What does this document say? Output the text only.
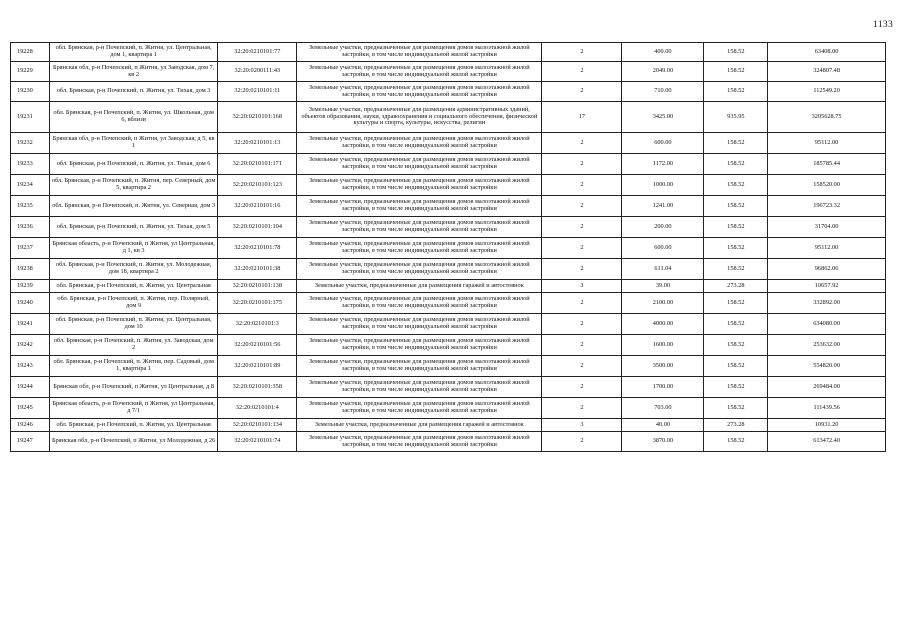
1133
19228	обл. Брянская, р-н Почепский, п. Житня, ул. Центральная, дом 1, квартира 1	32:20:0210101:77	Земельные участки, предназначенные для размещения домов малоэтажной жилой застройки, в том числе индивидуальной жилой застройки	2	400.00	158.52	63408.00
19229	Брянская обл, р-н Почепский, п Житня, ул Заводская, дом 7, кв 2	32:20:0200111:43	Земельные участки, предназначенные для размещения домов малоэтажной жилой застройки, в том числе индивидуальной жилой застройки	2	2049.00	158.52	324807.48
19230	обл. Брянская, р-н Почепский, п. Житня, ул. Тихая, дом 3	32:20:0210101:11	Земельные участки, предназначенные для размещения домов малоэтажной жилой застройки, в том числе индивидуальной жилой застройки	2	710.00	158.52	112549.20
19231	обл. Брянская, р-н Почепский, п. Житня, ул. Школьная, дом 6, вблизи	32:20:0210101:168	Земельные участки, предназначенные для размещения административных зданий, объектов образования, науки, здравоохранения и социального обеспечения, физической культуры и спорта, культуры, искусства, религии	17	3425.00	935.95	3205628.75
19232	Брянская обл, р-н Почепский, п Житня, ул Заводская, д 5, кв 1	32:20:0210101:13	Земельные участки, предназначенные для размещения домов малоэтажной жилой застройки, в том числе индивидуальной жилой застройки	2	600.00	158.52	95112.00
19233	обл. Брянская, р-н Почепский, п. Житня, ул. Тихая, дом 6	32:20:0210101:171	Земельные участки, предназначенные для размещения домов малоэтажной жилой застройки, в том числе индивидуальной жилой застройки	2	1172.00	158.52	185785.44
19234	обл. Брянская, р-н Почепский, п. Житня, пер. Северный, дом 5, квартира 2	32:20:0210101:123	Земельные участки, предназначенные для размещения домов малоэтажной жилой застройки, в том числе индивидуальной жилой застройки	2	1000.00	158.52	158520.00
19235	обл. Брянская, р-н Почепский, п. Житня, ул. Северная, дом 3	32:20:0210101:16	Земельные участки, предназначенные для размещения домов малоэтажной жилой застройки, в том числе индивидуальной жилой застройки	2	1241.00	158.52	196723.32
19236	обл. Брянская, р-н Почепский, п. Житня, ул. Тихая, дом 5	32:20:0210101:104	Земельные участки, предназначенные для размещения домов малоэтажной жилой застройки, в том числе индивидуальной жилой застройки	2	200.00	158.52	31704.00
19237	Брянская область, р-н Почепский, п Житня, ул Центральная, д 1, кв 3	32:20:0210101:78	Земельные участки, предназначенные для размещения домов малоэтажной жилой застройки, в том числе индивидуальной жилой застройки	2	600.00	158.52	95112.00
19238	обл. Брянская, р-н Почепский, п. Житня, ул. Молодежная, дом 18, квартира 2	32:20:0210101:38	Земельные участки, предназначенные для размещения домов малоэтажной жилой застройки, в том числе индивидуальной жилой застройки	2	611.04	158.52	96862.06
19239	обл. Брянская, р-н Почепский, п. Житня, ул. Центральная	32:20:0210101:138	Земельные участки, предназначенные для размещения гаражей и автостоянок	3	39.00	273.28	10657.92
19240	обл. Брянская, р-н Почепский, п. Житня, пер. Полярный, дом 9	32:20:0210101:175	Земельные участки, предназначенные для размещения домов малоэтажной жилой застройки, в том числе индивидуальной жилой застройки	2	2100.00	158.52	332892.00
19241	обл. Брянская, р-н Почепский, п. Житня, ул. Центральная, дом 10	32:20:0210101:3	Земельные участки, предназначенные для размещения домов малоэтажной жилой застройки, в том числе индивидуальной жилой застройки	2	4000.00	158.52	634080.00
19242	обл. Брянская, р-н Почепский, п. Житня, ул. Заводская, дом 2	32:20:0210101:56	Земельные участки, предназначенные для размещения домов малоэтажной жилой застройки, в том числе индивидуальной жилой застройки	2	1600.00	158.52	253632.00
19243	обл. Брянская, р-н Почепский, п. Житня, пер. Садовый, дом 1, квартира 1	32:20:0210101:89	Земельные участки, предназначенные для размещения домов малоэтажной жилой застройки, в том числе индивидуальной жилой застройки	2	3500.00	158.52	554820.00
19244	Брянская обл, р-н Почепский, п Житня, ул Центральная, д 8	32:20:0210101:358	Земельные участки, предназначенные для размещения домов малоэтажной жилой застройки, в том числе индивидуальной жилой застройки	2	1700.00	158.52	269484.00
19245	Брянская область, р-н Почепский, п Житня, ул Центральная, д 7/1	32:20:0210101:4	Земельные участки, предназначенные для размещения домов малоэтажной жилой застройки, в том числе индивидуальной жилой застройки	2	703.00	158.52	111439.56
19246	обл. Брянская, р-н Почепский, п. Житня, ул. Центральная	32:20:0210101:134	Земельные участки, предназначенные для размещения гаражей и автостоянок	3	40.00	273.28	10931.20
19247	Брянская обл, р-н Почепский, п Житня, ул Молодежная, д 26	32:20:0210101:74	Земельные участки, предназначенные для размещения домов малоэтажной жилой застройки, в том числе индивидуальной жилой застройки	2	3870.00	158.52	613472.40
